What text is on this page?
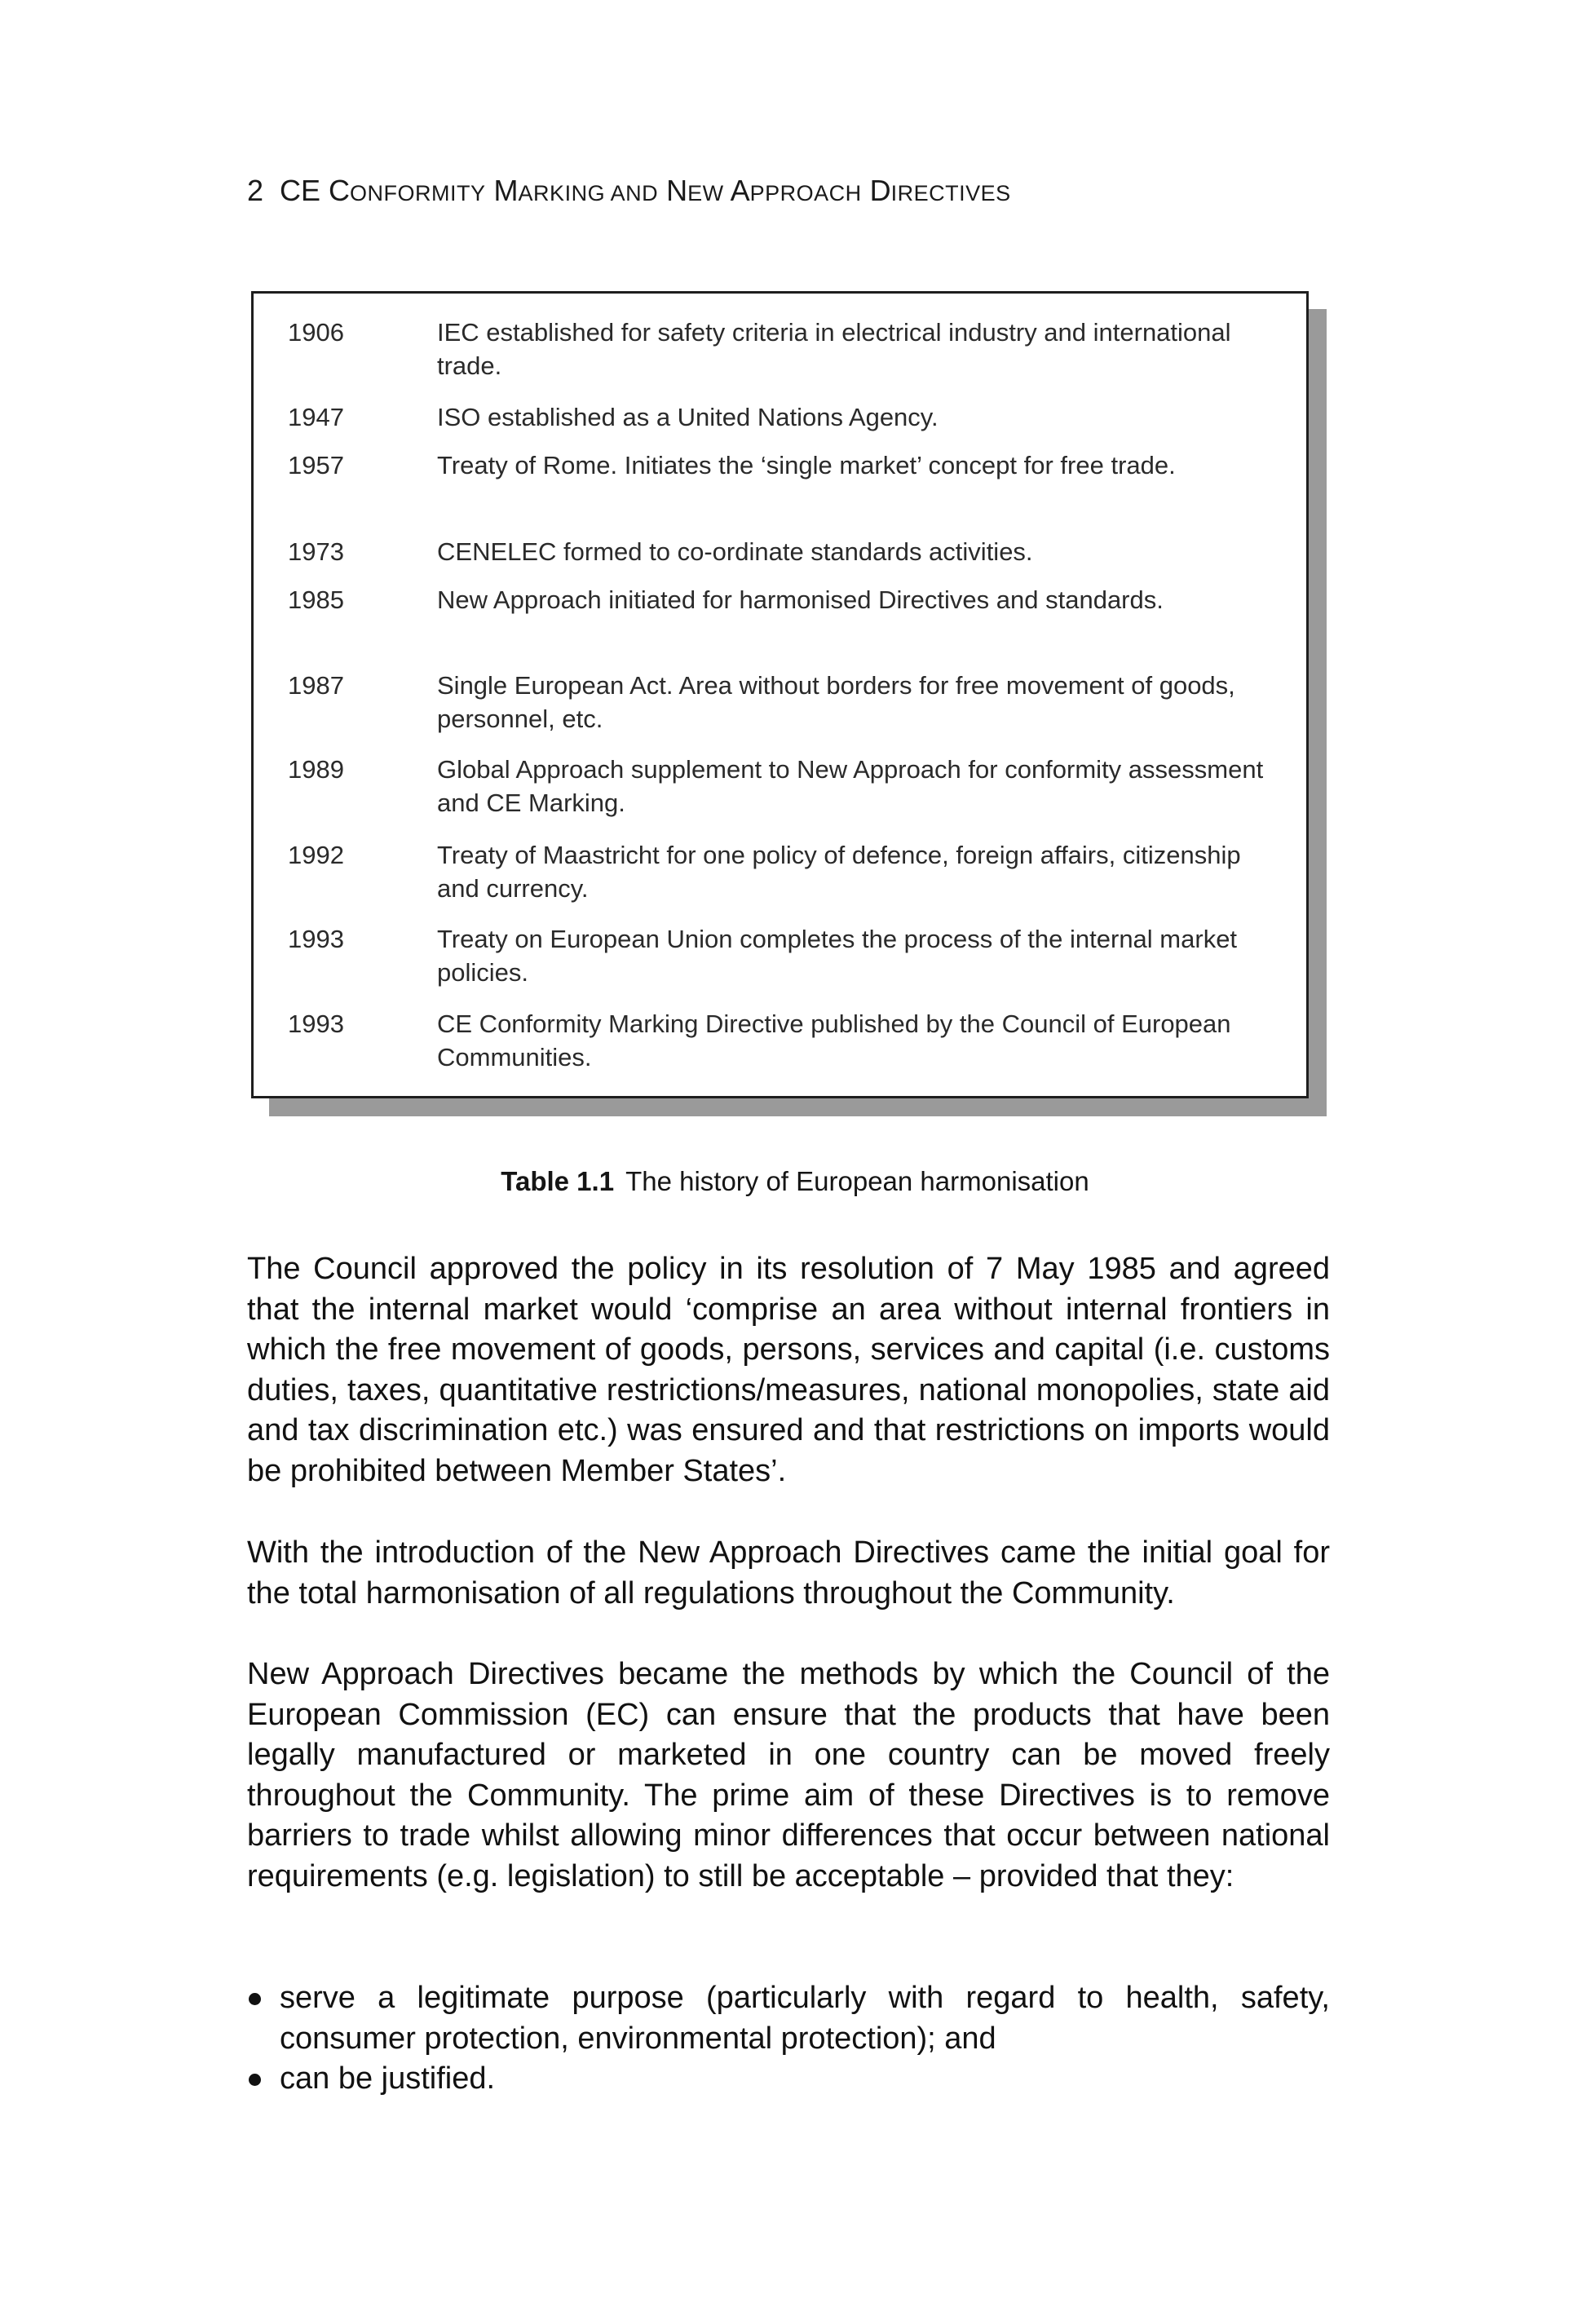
2 CE CONFORMITY MARKING AND NEW APPROACH DIRECTIVES
1906	IEC established for safety criteria in electrical industry and international trade.
1947	ISO established as a United Nations Agency.
1957	Treaty of Rome. Initiates the ‘single market’ concept for free trade.
1973	CENELEC formed to co-ordinate standards activities.
1985	New Approach initiated for harmonised Directives and standards.
1987	Single European Act. Area without borders for free movement of goods, personnel, etc.
1989	Global Approach supplement to New Approach for conformity assessment and CE Marking.
1992	Treaty of Maastricht for one policy of defence, foreign affairs, citizenship and currency.
1993	Treaty on European Union completes the process of the internal market policies.
1993	CE Conformity Marking Directive published by the Council of European Communities.
Table 1.1 The history of European harmonisation

The Council approved the policy in its resolution of 7 May 1985 and agreed that the internal market would ‘comprise an area without internal frontiers in which the free movement of goods, persons, services and capital (i.e. customs duties, taxes, quantitative restrictions/measures, national monopolies, state aid and tax discrimination etc.) was ensured and that restrictions on imports would be prohibited between Member States’.

With the introduction of the New Approach Directives came the initial goal for the total harmonisation of all regulations throughout the Community.

New Approach Directives became the methods by which the Council of the European Commission (EC) can ensure that the products that have been legally manufactured or marketed in one country can be moved freely throughout the Community. The prime aim of these Directives is to remove barriers to trade whilst allowing minor differences that occur between national requirements (e.g. legislation) to still be acceptable – provided that they:

serve a legitimate purpose (particularly with regard to health, safety, consumer protection, environmental protection); and
can be justified.
